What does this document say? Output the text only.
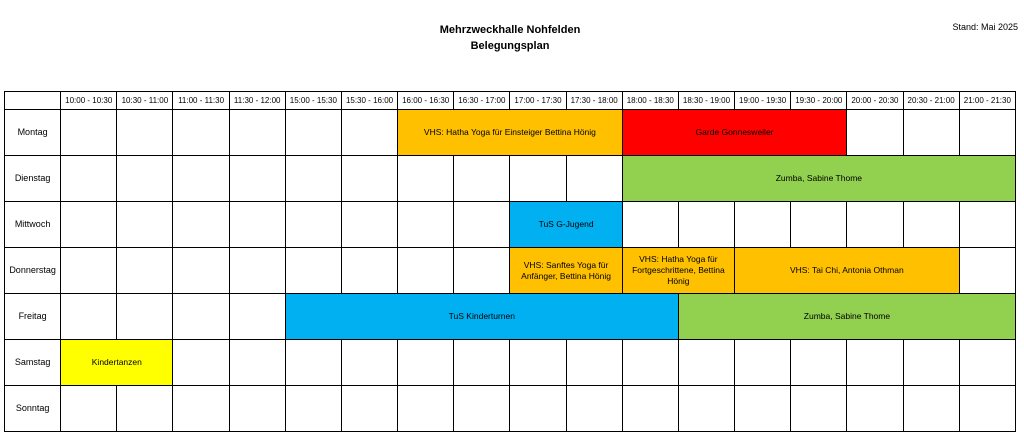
Mehrzweckhalle Nohfelden
Belegungsplan
Stand: Mai 2025
	10:00 - 10:30	10:30 - 11:00	11:00 - 11:30	11:30 - 12:00	15:00 - 15:30	15:30 - 16:00	16:00 - 16:30	16:30 - 17:00	17:00 - 17:30	17:30 - 18:00	18:00 - 18:30	18:30 - 19:00	19:00 - 19:30	19:30 - 20:00	20:00 - 20:30	20:30 - 21:00	21:00 - 21:30
Montag							VHS: Hatha Yoga für Einsteiger Bettina Hönig				Garde Gonnesweiler						

Dienstag											Zumba, Sabine Thome						

Mittwoch									TuS G-Jugend								

Donnerstag									VHS: Sanftes Yoga für Anfänger, Bettina Hönig		VHS: Hatha Yoga für Fortgeschrittene, Bettina Hönig		VHS: Tai Chi, Antonia Othman				

Freitag					TuS Kinderturnen							Zumba, Sabine Thome					

Samstag	Kindertanzen																

Sonntag																	
